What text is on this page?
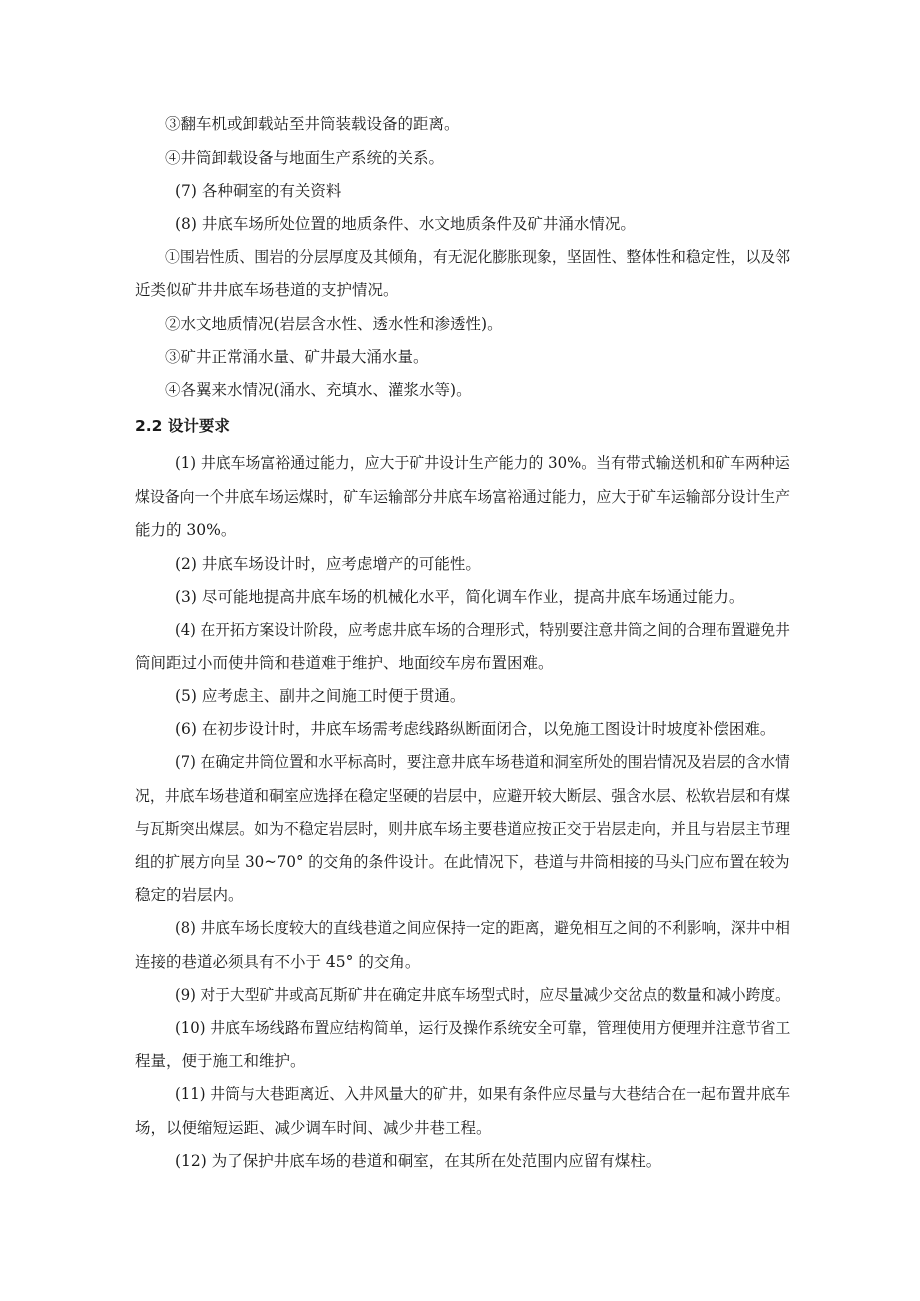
③翻车机或卸载站至井筒装载设备的距离。
④井筒卸载设备与地面生产系统的关系。
(7) 各种硐室的有关资料
(8) 井底车场所处位置的地质条件、水文地质条件及矿井涌水情况。
①围岩性质、围岩的分层厚度及其倾角，有无泥化膨胀现象，坚固性、整体性和稳定性，以及邻
近类似矿井井底车场巷道的支护情况。
②水文地质情况(岩层含水性、透水性和渗透性)。
③矿井正常涌水量、矿井最大涌水量。
④各翼来水情况(涌水、充填水、灌浆水等)。
2.2 设计要求
(1) 井底车场富裕通过能力，应大于矿井设计生产能力的 30%。当有带式输送机和矿车两种运
煤设备向一个井底车场运煤时，矿车运输部分井底车场富裕通过能力，应大于矿车运输部分设计生产
能力的 30%。
(2) 井底车场设计时，应考虑增产的可能性。
(3) 尽可能地提高井底车场的机械化水平，简化调车作业，提高井底车场通过能力。
(4) 在开拓方案设计阶段，应考虑井底车场的合理形式，特别要注意井筒之间的合理布置避免井
筒间距过小而使井筒和巷道难于维护、地面绞车房布置困难。
(5) 应考虑主、副井之间施工时便于贯通。
(6) 在初步设计时，井底车场需考虑线路纵断面闭合，以免施工图设计时坡度补偿困难。
(7) 在确定井筒位置和水平标高时，要注意井底车场巷道和洞室所处的围岩情况及岩层的含水情
况，井底车场巷道和硐室应选择在稳定坚硬的岩层中，应避开较大断层、强含水层、松软岩层和有煤
与瓦斯突出煤层。如为不稳定岩层时，则井底车场主要巷道应按正交于岩层走向，并且与岩层主节理
组的扩展方向呈 30~70° 的交角的条件设计。在此情况下，巷道与井筒相接的马头门应布置在较为
稳定的岩层内。
(8) 井底车场长度较大的直线巷道之间应保持一定的距离，避免相互之间的不利影响，深井中相
连接的巷道必须具有不小于 45° 的交角。
(9) 对于大型矿井或高瓦斯矿井在确定井底车场型式时，应尽量减少交岔点的数量和减小跨度。
(10) 井底车场线路布置应结构简单，运行及操作系统安全可靠，管理使用方便理并注意节省工
程量，便于施工和维护。
(11) 井筒与大巷距离近、入井风量大的矿井，如果有条件应尽量与大巷结合在一起布置井底车
场，以便缩短运距、减少调车时间、减少井巷工程。
(12) 为了保护井底车场的巷道和硐室，在其所在处范围内应留有煤柱。
